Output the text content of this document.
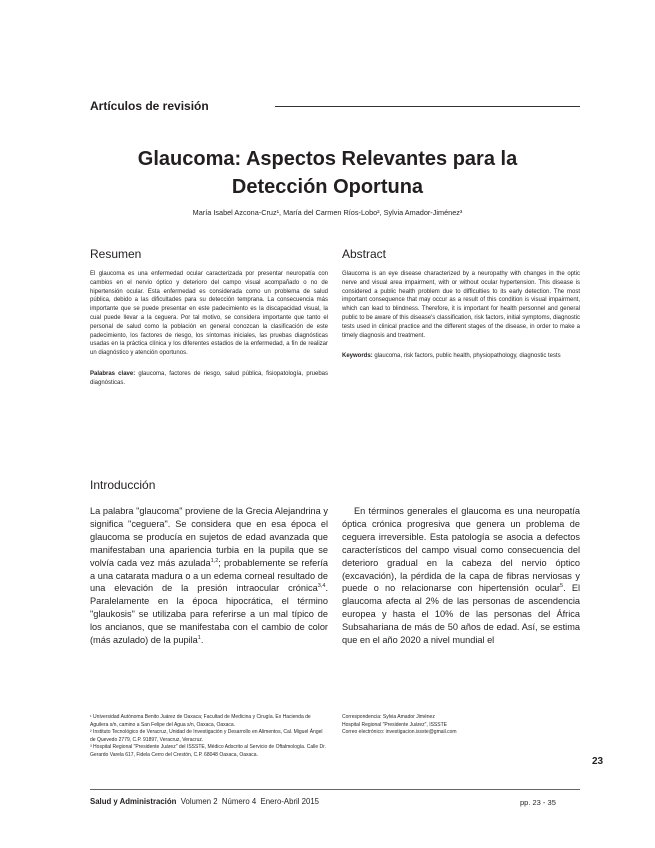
Artículos de revisión
Glaucoma: Aspectos Relevantes para la
Detección Oportuna
María Isabel Azcona-Cruz¹, María del Carmen Ríos-Lobo², Sylvia Amador-Jiménez³
Resumen
El glaucoma es una enfermedad ocular caracterizada por presentar neuropatía con cambios en el nervio óptico y deterioro del campo visual acompañado o no de hipertensión ocular. Esta enfermedad es considerada como un problema de salud pública, debido a las dificultades para su detección temprana. La consecuencia más importante que se puede presentar en este padecimiento es la discapacidad visual, la cual puede llevar a la ceguera. Por tal motivo, se considera importante que tanto el personal de salud como la población en general conozcan la clasificación de este padecimiento, los factores de riesgo, los síntomas iniciales, las pruebas diagnósticas usadas en la práctica clínica y los diferentes estadios de la enfermedad, a fin de realizar un diagnóstico y atención oportunos.
Palabras clave: glaucoma, factores de riesgo, salud pública, fisiopatología, pruebas diagnósticas.
Abstract
Glaucoma is an eye disease characterized by a neuropathy with changes in the optic nerve and visual area impairment, with or without ocular hypertension. This disease is considered a public health problem due to difficulties to its early detection. The most important consequence that may occur as a result of this condition is visual impairment, which can lead to blindness. Therefore, it is important for health personnel and general public to be aware of this disease's classification, risk factors, initial symptoms, diagnostic tests used in clinical practice and the different stages of the disease, in order to make a timely diagnosis and treatment.
Keywords: glaucoma, risk factors, public health, physiopathology, diagnostic tests
Introducción
La palabra "glaucoma" proviene de la Grecia Alejandrina y significa "ceguera". Se considera que en esa época el glaucoma se producía en sujetos de edad avanzada que manifestaban una apariencia turbia en la pupila que se volvía cada vez más azulada$^{1,2}$; probablemente se refería a una catarata madura o a un edema corneal resultado de una elevación de la presión intraocular crónica$^{3,4}$. Paralelamente en la época hipocrática, el término "glaukosis" se utilizaba para referirse a un mal típico de los ancianos, que se manifestaba con el cambio de color (más azulado) de la pupila$^1$.
En términos generales el glaucoma es una neuropatía óptica crónica progresiva que genera un problema de ceguera irreversible. Esta patología se asocia a defectos característicos del campo visual como consecuencia del deterioro gradual en la cabeza del nervio óptico (excavación), la pérdida de la capa de fibras nerviosas y puede o no relacionarse con hipertensión ocular$^5$. El glaucoma afecta al 2% de las personas de ascendencia europea y hasta el 10% de las personas del África Subsahariana de más de 50 años de edad. Así, se estima que en el año 2020 a nivel mundial el
¹ Universidad Autónoma Benito Juárez de Oaxaca; Facultad de Medicina y Cirugía. Ex Hacienda de Aguilera s/n, camino a San Felipe del Agua s/n, Oaxaca, Oaxaca.
² Instituto Tecnológico de Veracruz, Unidad de Investigación y Desarrollo en Alimentos, Cal. Miguel Ángel de Quevedo 2779, C.P. 91897, Veracruz, Veracruz.
³ Hospital Regional "Presidente Juárez" del ISSSTE, Médico Adscrito al Servicio de Oftalmología. Calle Dr. Gerardo Varela 617, Fidela Cerro del Crestón, C.P. 68048 Oaxaca, Oaxaca.
Correspondencia: Sylvia Amador Jiménez
Hospital Regional "Presidente Juárez", ISSSTE
Correo electrónico: investigacion.issste@gmail.com
23
Salud y Administración Volumen 2 Número 4 Enero-Abril 2015	pp. 23 - 35
